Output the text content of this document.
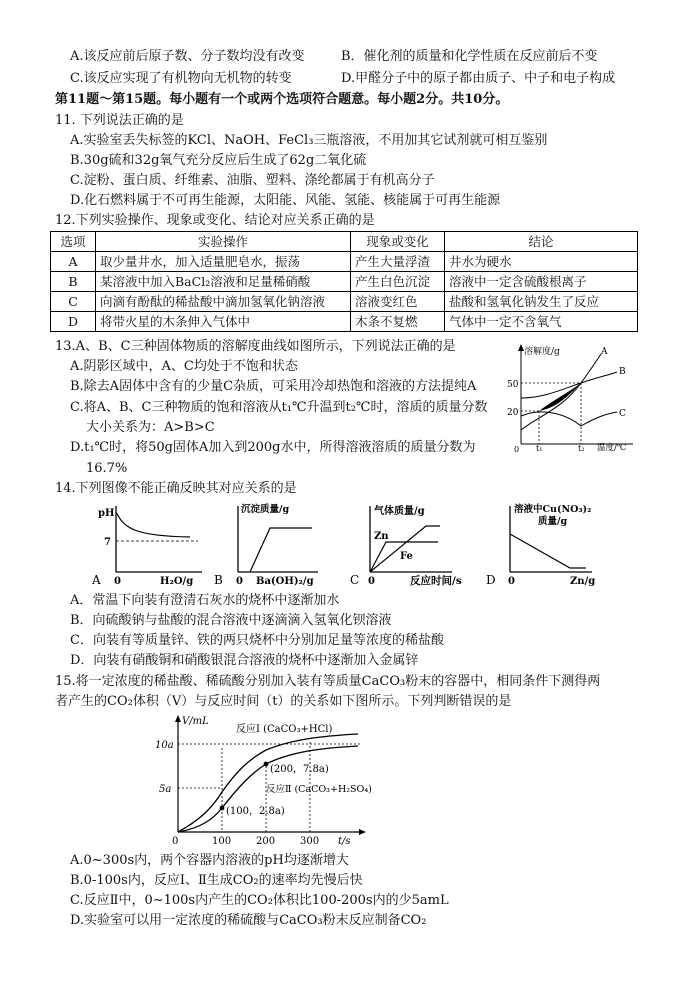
A.该反应前后原子数、分子数均没有改变	B．催化剂的质量和化学性质在反应前后不变
C.该反应实现了有机物向无机物的转变	D.甲醛分子中的原子都由质子、中子和电子构成
第11题～第15题。每小题有一个或两个选项符合题意。每小题2分。共10分。
11. 下列说法正确的是
A.实验室丢失标签的KCl、NaOH、FeCl₃三瓶溶液，不用加其它试剂就可相互鉴别
B.30g硫和32g氧气充分反应后生成了62g二氧化硫
C.淀粉、蛋白质、纤维素、油脂、塑料、涤纶都属于有机高分子
D.化石燃料属于不可再生能源，太阳能、风能、氢能、核能属于可再生能源
12.下列实验操作、现象或变化、结论对应关系正确的是
选项	实验操作	现象或变化	结论
A	取少量井水，加入适量肥皂水，振荡	产生大量浮渣	井水为硬水
B	某溶液中加入BaCl₂溶液和足量稀硝酸	产生白色沉淀	溶液中一定含硫酸根离子
C	向滴有酚酞的稀盐酸中滴加氢氧化钠溶液	溶液变红色	盐酸和氢氧化钠发生了反应
D	将带火星的木条伸入气体中	木条不复燃	气体中一定不含氧气
13.A、B、C三种固体物质的溶解度曲线如图所示，下列说法正确的是
A.阴影区域中，A、C均处于不饱和状态
B.除去A固体中含有的少量C杂质，可采用冷却热饱和溶液的方法提纯A
C.将A、B、C三种物质的饱和溶液从t₁℃升温到t₂℃时，溶质的质量分数
大小关系为：A>B>C
D.t₁℃时，将50g固体A加入到200g水中，所得溶液溶质的质量分数为
16.7%
溶解度/g
温度/℃
0
50
20
A
B
C
t₁	t₂
14.下列图像不能正确反映其对应关系的是
pH
7
0	H₂O/g
A
沉淀质量/g
0 Ba(OH)₂/g
B
气体质量/g
Zn
Fe
0	反应时间/s
C
溶液中Cu(NO₃)₂
质量/g
0	Zn/g
D
A．常温下向装有澄清石灰水的烧杯中逐渐加水
B．向硫酸钠与盐酸的混合溶液中逐滴滴入氢氧化钡溶液
C．向装有等质量锌、铁的两只烧杯中分别加足量等浓度的稀盐酸
D．向装有硝酸铜和硝酸银混合溶液的烧杯中逐渐加入金属锌
15.将一定浓度的稀盐酸、稀硫酸分别加入装有等质量CaCO₃粉末的容器中，相同条件下测得两
者产生的CO₂体积（V）与反应时间（t）的关系如下图所示。下列判断错误的是
V/mL
t/s
0
10a
5a
100 200 300
反应Ⅰ (CaCO₃+HCl)
(200，7.8a)
反应Ⅱ (CaCO₃+H₂SO₄)
(100，2.8a)
A.0~300s内，两个容器内溶液的pH均逐渐增大
B.0-100s内，反应Ⅰ、Ⅱ生成CO₂的速率均先慢后快
C.反应Ⅱ中，0~100s内产生的CO₂体积比100-200s内的少5amL
D.实验室可以用一定浓度的稀硫酸与CaCO₃粉末反应制备CO₂
